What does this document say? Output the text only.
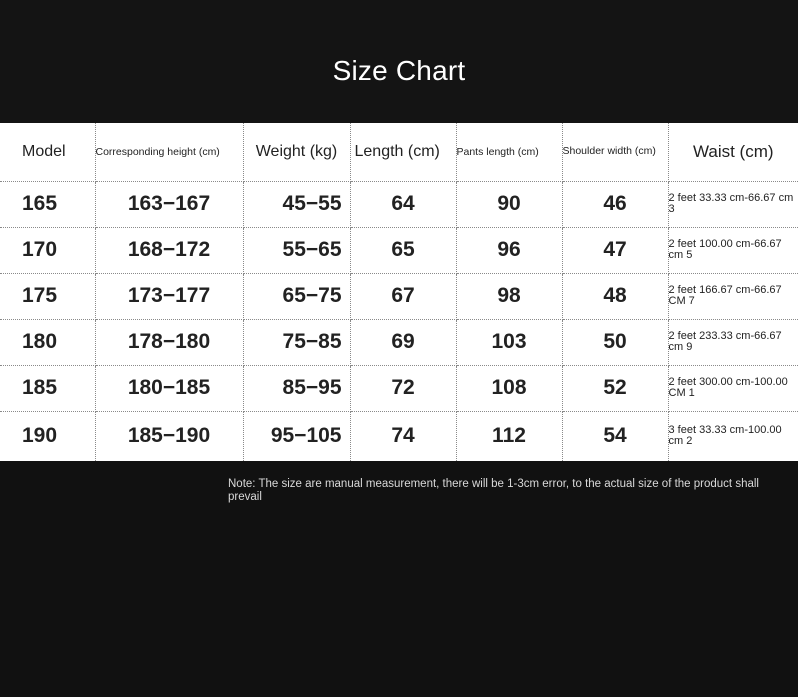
Size Chart
Model	Corresponding height (cm)	Weight (kg)	Length (cm)	Pants length (cm)	Shoulder width (cm)	Waist (cm)
165	163−167	45−55	64	90	46	2 feet 33.33 cm-66.67 cm 3
170	168−172	55−65	65	96	47	2 feet 100.00 cm-66.67 cm 5
175	173−177	65−75	67	98	48	2 feet 166.67 cm-66.67 CM 7
180	178−180	75−85	69	103	50	2 feet 233.33 cm-66.67 cm 9
185	180−185	85−95	72	108	52	2 feet 300.00 cm-100.00 CM 1
190	185−190	95−105	74	112	54	3 feet 33.33 cm-100.00 cm 2
Note: The size are manual measurement, there will be 1-3cm error, to the actual size of the product shall prevail
